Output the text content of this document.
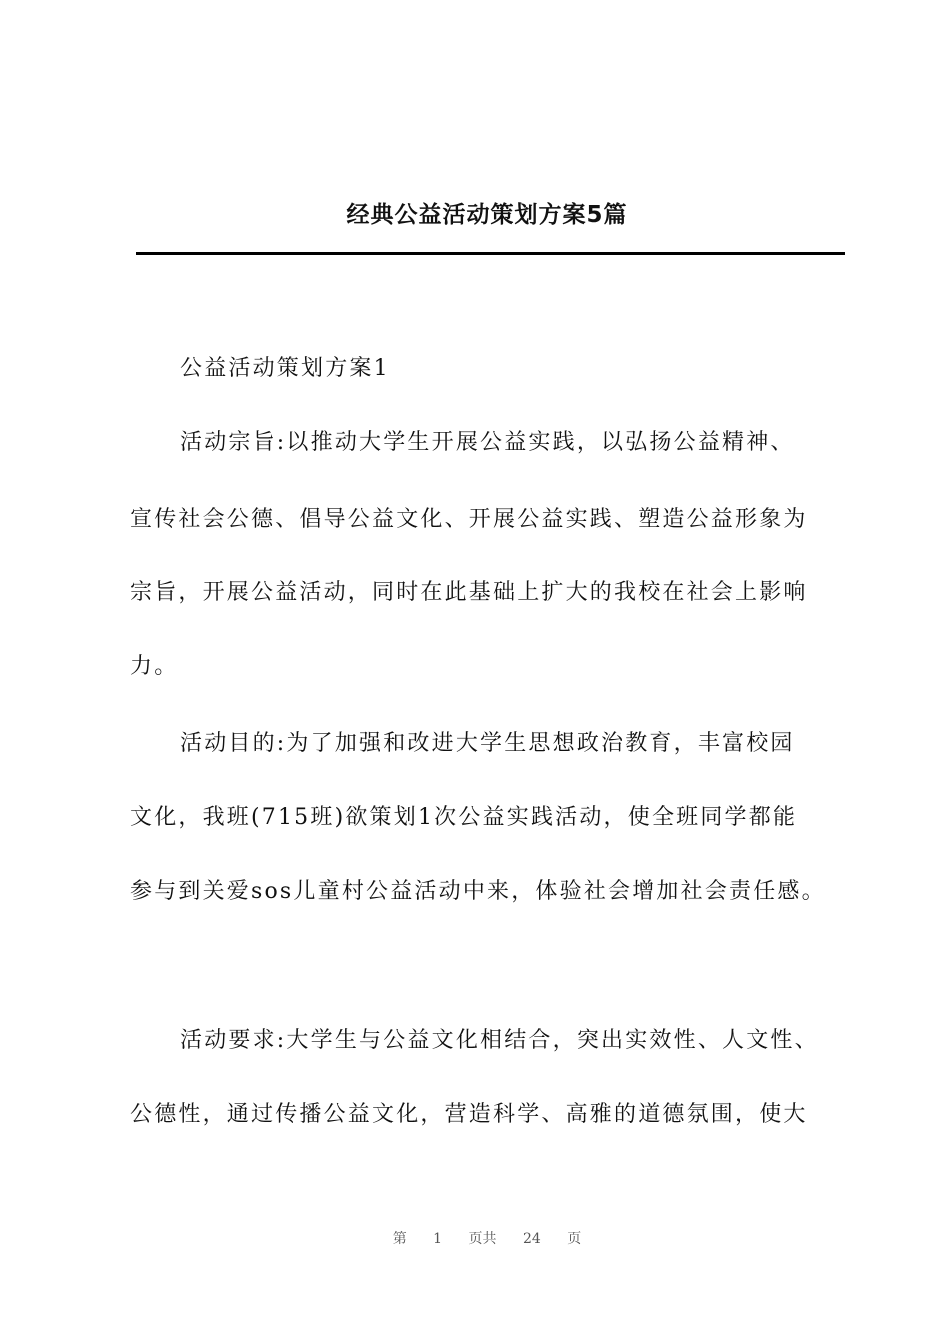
经典公益活动策划方案5篇
公益活动策划方案1
活动宗旨:以推动大学生开展公益实践，以弘扬公益精神、
宣传社会公德、倡导公益文化、开展公益实践、塑造公益形象为
宗旨，开展公益活动，同时在此基础上扩大的我校在社会上影响
力。
活动目的:为了加强和改进大学生思想政治教育，丰富校园
文化，我班(715班)欲策划1次公益实践活动，使全班同学都能
参与到关爱sos儿童村公益活动中来，体验社会增加社会责任感。
活动要求:大学生与公益文化相结合，突出实效性、人文性、
公德性，通过传播公益文化，营造科学、高雅的道德氛围，使大
第 1 页共 24 页
